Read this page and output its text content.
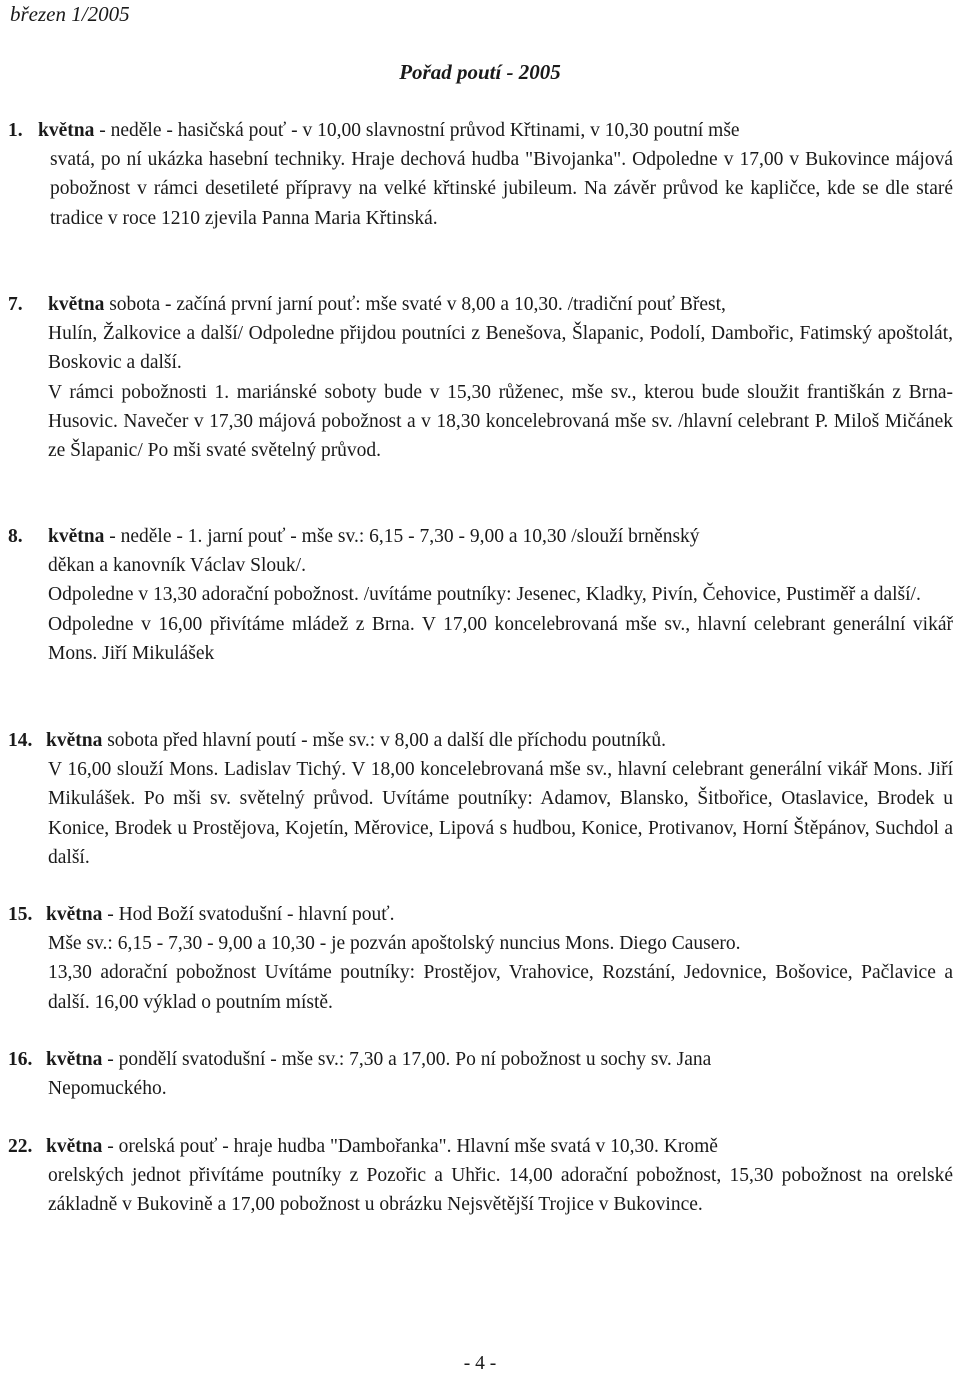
březen 1/2005
Pořad poutí - 2005
1. května - neděle - hasičská pouť - v 10,00 slavnostní průvod Křtinami, v 10,30 poutní mše
svatá, po ní ukázka hasební techniky. Hraje dechová hudba "Bivojanka". Odpoledne v 17,00 v Bukovince májová pobožnost v rámci desetileté přípravy na velké křtinské jubileum. Na závěr průvod ke kapličce, kde se dle staré tradice v roce 1210 zjevila Panna Maria Křtinská.
7. května sobota - začíná první jarní pouť: mše svaté v 8,00 a 10,30. /tradiční pouť Břest,
Hulín, Žalkovice a další/ Odpoledne přijdou poutníci z Benešova, Šlapanic, Podolí, Dambořic, Fatimský apoštolát, Boskovic a další.
V rámci pobožnosti 1. mariánské soboty bude v 15,30 růženec, mše sv., kterou bude sloužit františkán z Brna-Husovic. Navečer v 17,30 májová pobožnost a v 18,30 koncelebrovaná mše sv. /hlavní celebrant P. Miloš Mičánek ze Šlapanic/ Po mši svaté světelný průvod.
8. května - neděle - 1. jarní pouť - mše sv.: 6,15 - 7,30 - 9,00 a 10,30 /slouží brněnský
děkan a kanovník Václav Slouk/.
Odpoledne v 13,30 adorační pobožnost. /uvítáme poutníky: Jesenec, Kladky, Pivín, Čehovice, Pustiměř a další/.
Odpoledne v 16,00 přivítáme mládež z Brna. V 17,00 koncelebrovaná mše sv., hlavní celebrant generální vikář Mons. Jiří Mikulášek
14. května sobota před hlavní poutí - mše sv.: v 8,00 a další dle příchodu poutníků.
V 16,00 slouží Mons. Ladislav Tichý. V 18,00 koncelebrovaná mše sv., hlavní celebrant generální vikář Mons. Jiří Mikulášek. Po mši sv. světelný průvod. Uvítáme poutníky: Adamov, Blansko, Šitbořice, Otaslavice, Brodek u Konice, Brodek u Prostějova, Kojetín, Měrovice, Lipová s hudbou, Konice, Protivanov, Horní Štěpánov, Suchdol a další.
15. května - Hod Boží svatodušní - hlavní pouť.
Mše sv.: 6,15 - 7,30 - 9,00 a 10,30 - je pozván apoštolský nuncius Mons. Diego Causero.
13,30 adorační pobožnost Uvítáme poutníky: Prostějov, Vrahovice, Rozstání, Jedovnice, Bošovice, Pačlavice a další. 16,00 výklad o poutním místě.
16. května - pondělí svatodušní - mše sv.: 7,30 a 17,00. Po ní pobožnost u sochy sv. Jana
Nepomuckého.
22. května - orelská pouť - hraje hudba "Dambořanka". Hlavní mše svatá v 10,30. Kromě
orelských jednot přivítáme poutníky z Pozořic a Uhřic. 14,00 adorační pobožnost, 15,30 pobožnost na orelské základně v Bukovině a 17,00 pobožnost u obrázku Nejsvětější Trojice v Bukovince.
- 4 -
